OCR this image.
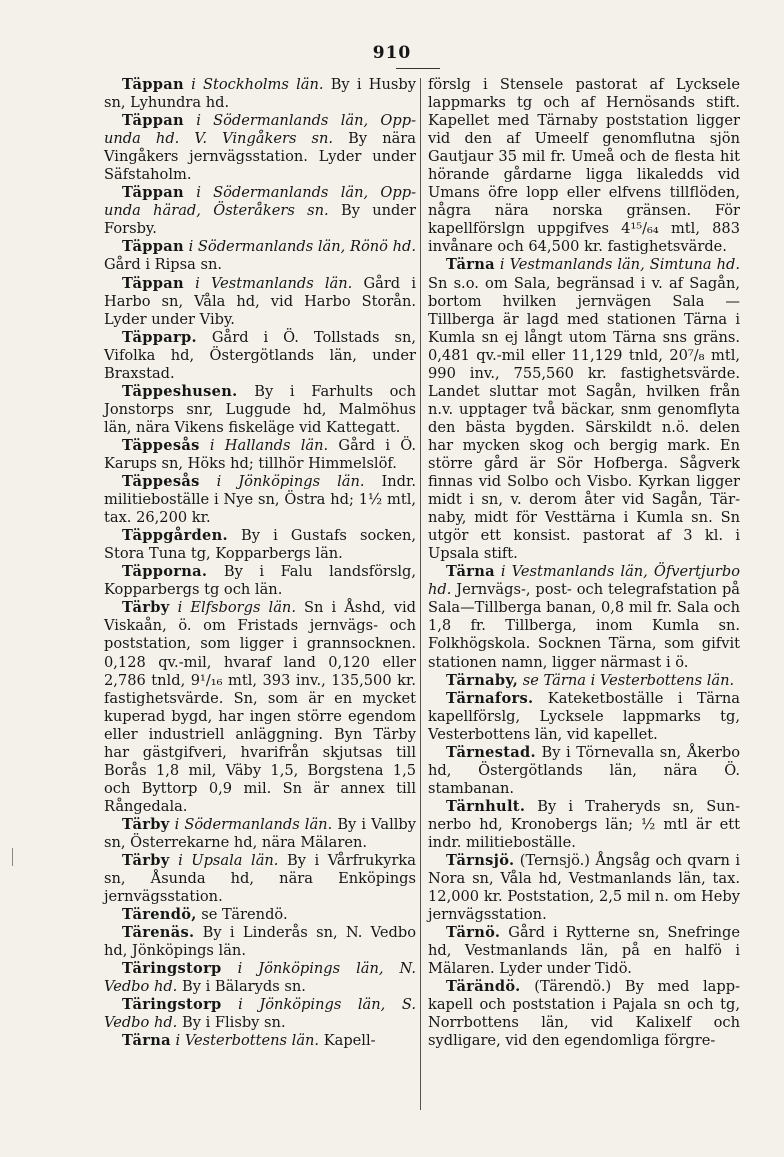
910

Täppan i Stockholms län. By i Husby sn, Lyhundra hd.

Täppan i Södermanlands län, Oppunda hd. V. Vingåkers sn. By nära Vingåkers jernvägsstation. Lyder under Säfstaholm.

Täppan i Södermanlands län, Oppunda härad, Österåkers sn. By under Forsby.

Täppan i Södermanlands län, Rönö hd. Gård i Ripsa sn.

Täppan i Vestmanlands län. Gård i Harbo sn, Våla hd, vid Harbo Storån. Lyder under Viby.

Täpparp. Gård i Ö. Tollstads sn, Vifolka hd, Östergötlands län, under Braxstad.

Täppeshusen. By i Farhults och Jonstorps snr, Luggude hd, Malmöhus län, nära Vikens fiskeläge vid Kattegatt.

Täppesås i Hallands län. Gård i Ö. Karups sn, Höks hd; tillhör Himmelslöf.

Täppesås i Jönköpings län. Indr. militieboställe i Nye sn, Östra hd; 1½ mtl, tax. 26,200 kr.

Täppgården. By i Gustafs socken, Stora Tuna tg, Kopparbergs län.

Täpporna. By i Falu landsförslg, Kopparbergs tg och län.

Tärby i Elfsborgs län. Sn i Åshd, vid Viskaån, ö. om Fristads jernvägs- och poststation, som ligger i grannsocknen. 0,128 qv.-mil, hvaraf land 0,120 eller 2,786 tnld, 9¹/₁₆ mtl, 393 inv., 135,500 kr. fastighetsvärde. Sn, som är en mycket kuperad bygd, har ingen större egendom eller industriell anläggning. Byn Tärby har gästgifveri, hvarifrån skjutsas till Borås 1,8 mil, Väby 1,5, Borgstena 1,5 och Byttorp 0,9 mil. Sn är annex till Rångedala.

Tärby i Södermanlands län. By i Vallby sn, Österrekarne hd, nära Mälaren.

Tärby i Upsala län. By i Vårfrukyrka sn, Åsunda hd, nära Enköpings jernvägsstation.

Tärendö, se Tärendö.

Tärenäs. By i Linderås sn, N. Vedbo hd, Jönköpings län.

Täringstorp i Jönköpings län, N. Vedbo hd. By i Bälaryds sn.

Täringstorp i Jönköpings län, S. Vedbo hd. By i Flisby sn.

Tärna i Vesterbottens län. Kapell-

förslg i Stensele pastorat af Lycksele lappmarks tg och af Hernösands stift. Kapellet med Tärnaby poststation ligger vid den af Umeelf genomflutna sjön Gautjaur 35 mil fr. Umeå och de flesta hit hörande gårdarne ligga likaledds vid Umans öfre lopp eller elfvens tillflöden, några nära norska gränsen. För kapellförslgn uppgifves 4¹⁵/₆₄ mtl, 883 invånare och 64,500 kr. fastighetsvärde.

Tärna i Vestmanlands län, Simtuna hd. Sn s.o. om Sala, begränsad i v. af Sagån, bortom hvilken jernvägen Sala —Tillberga är lagd med stationen Tärna i Kumla sn ej långt utom Tärna sns gräns. 0,481 qv.-mil eller 11,129 tnld, 20⁷/₈ mtl, 990 inv., 755,560 kr. fastighetsvärde. Landet sluttar mot Sagån, hvilken från n.v. upptager två bäckar, snm genomflyta den bästa bygden. Särskildt n.ö. delen har mycken skog och bergig mark. En större gård är Sör Hofberga. Sågverk finnas vid Solbo och Visbo. Kyrkan ligger midt i sn, v. derom åter vid Sagån, Tärnaby, midt för Vesttärna i Kumla sn. Sn utgör ett konsist. pastorat af 3 kl. i Upsala stift.

Tärna i Vestmanlands län, Öfvertjurbo hd. Jernvägs-, post- och telegrafstation på Sala—Tillberga banan, 0,8 mil fr. Sala och 1,8 fr. Tillberga, inom Kumla sn. Folkhögskola. Socknen Tärna, som gifvit stationen namn, ligger närmast i ö.

Tärnaby, se Tärna i Vesterbottens län.

Tärnafors. Kateketboställe i Tärna kapellförslg, Lycksele lappmarks tg, Vesterbottens län, vid kapellet.

Tärnestad. By i Törnevalla sn, Åkerbo hd, Östergötlands län, nära Ö. stambanan.

Tärnhult. By i Traheryds sn, Sunnerbo hd, Kronobergs län; ½ mtl är ett indr. militieboställe.

Tärnsjö. (Ternsjö.) Ångsåg och qvarn i Nora sn, Våla hd, Vestmanlands län, tax. 12,000 kr. Poststation, 2,5 mil n. om Heby jernvägsstation.

Tärnö. Gård i Rytterne sn, Snefringe hd, Vestmanlands län, på en halfö i Mälaren. Lyder under Tidö.

Tärändö. (Tärendö.) By med lappkapell och poststation i Pajala sn och tg, Norrbottens län, vid Kalixelf och sydligare, vid den egendomliga förgre-
